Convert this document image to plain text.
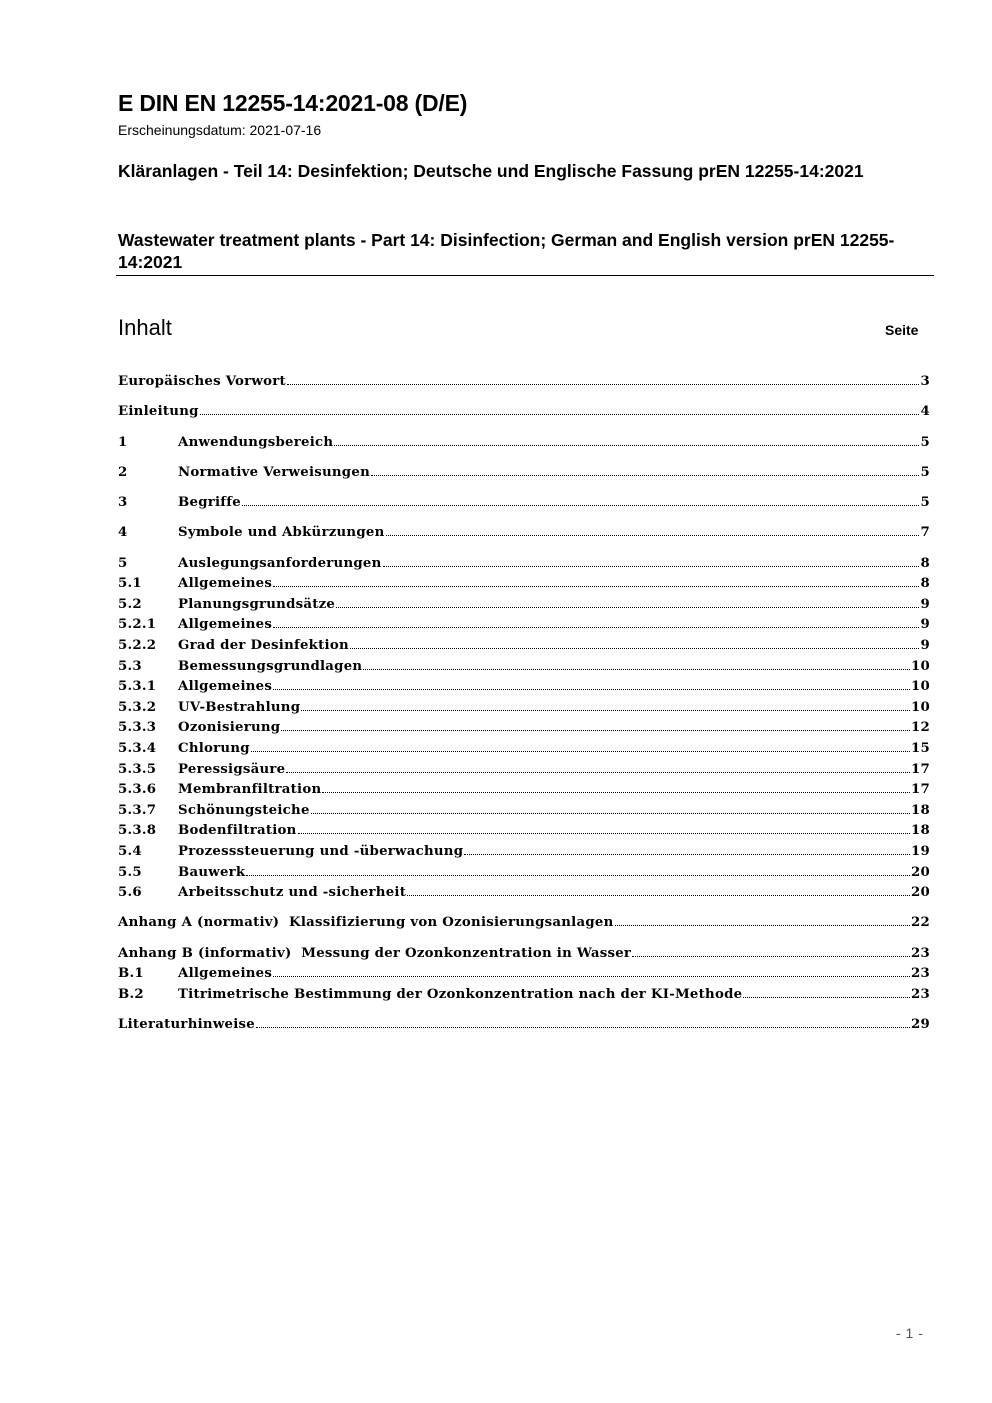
E DIN EN 12255-14:2021-08 (D/E)
Erscheinungsdatum: 2021-07-16
Kläranlagen - Teil 14: Desinfektion; Deutsche und Englische Fassung prEN 12255-14:2021
Wastewater treatment plants - Part 14: Disinfection; German and English version prEN 12255-14:2021
Inhalt	Seite
Europäisches Vorwort	3
Einleitung	4
1	Anwendungsbereich	5
2	Normative Verweisungen	5
3	Begriffe	5
4	Symbole und Abkürzungen	7
5	Auslegungsanforderungen	8
5.1	Allgemeines	8
5.2	Planungsgrundsätze	9
5.2.1 Allgemeines	9
5.2.2 Grad der Desinfektion	9
5.3	Bemessungsgrundlagen	10
5.3.1 Allgemeines	10
5.3.2 UV-Bestrahlung	10
5.3.3 Ozonisierung	12
5.3.4 Chlorung	15
5.3.5 Peressigsäure	17
5.3.6 Membranfiltration	17
5.3.7 Schönungsteiche	18
5.3.8 Bodenfiltration	18
5.4	Prozesssteuerung und -überwachung	19
5.5	Bauwerk	20
5.6	Arbeitsschutz und -sicherheit	20
Anhang A (normativ)  Klassifizierung von Ozonisierungsanlagen	22
Anhang B (informativ)  Messung der Ozonkonzentration in Wasser	23
B.1	Allgemeines	23
B.2	Titrimetrische Bestimmung der Ozonkonzentration nach der KI-Methode	23
Literaturhinweise	29
- 1 -
